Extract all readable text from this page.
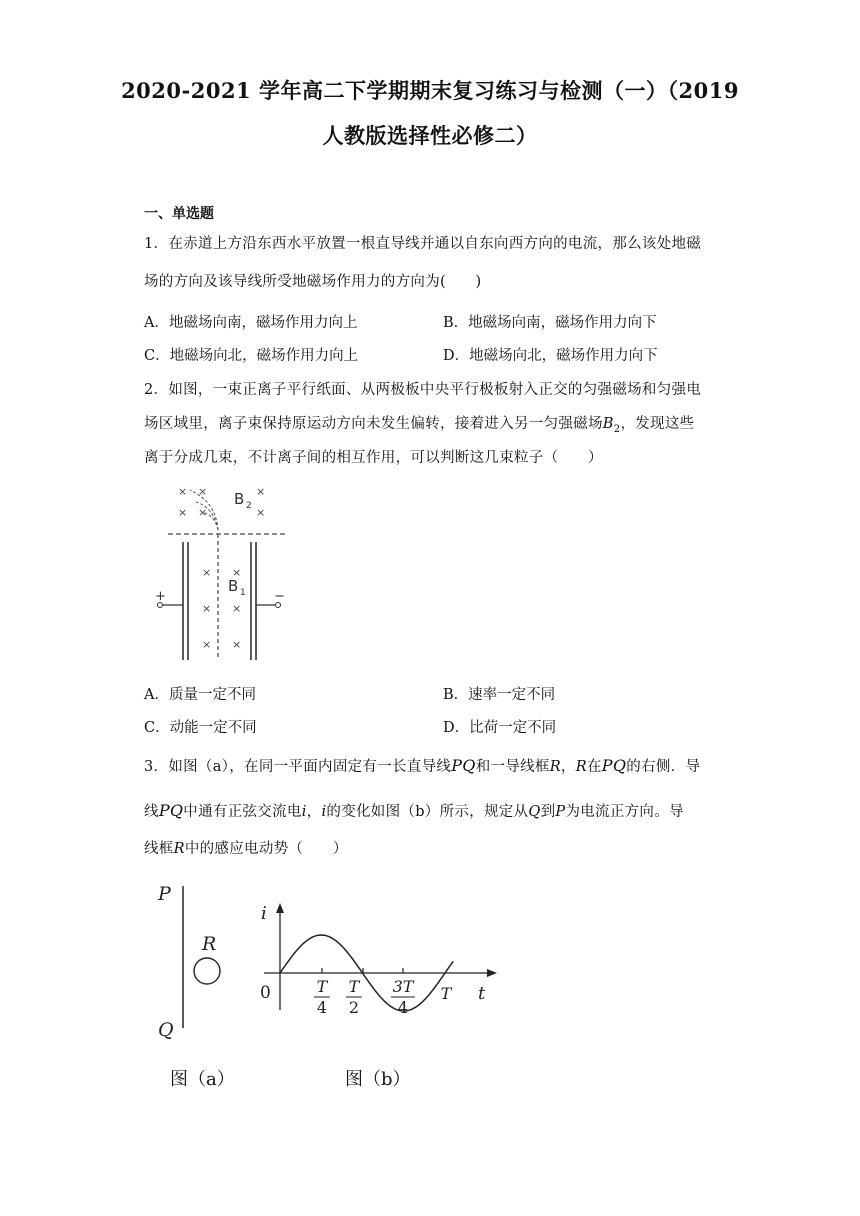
2020-2021 学年高二下学期期末复习练习与检测（一）（2019
人教版选择性必修二）
一、单选题
1．在赤道上方沿东西水平放置一根直导线并通以自东向西方向的电流，那么该处地磁
场的方向及该导线所受地磁场作用力的方向为(　　)
A．地磁场向南，磁场作用力向上	B．地磁场向南，磁场作用力向下
C．地磁场向北，磁场作用力向上	D．地磁场向北，磁场作用力向下
2．如图，一束正离子平行纸面、从两极板中央平行极板射入正交的匀强磁场和匀强电
场区域里，离子束保持原运动方向未发生偏转，接着进入另一匀强磁场$B_2$，发现这些
离于分成几束，不计离子间的相互作用，可以判断这几束粒子（　　）
× ×	×
× ×	×
× ×
× ×
× ×
B 2
B 1
+	−
A．质量一定不同	B．速率一定不同
C．动能一定不同	D．比荷一定不同
3．如图（a），在同一平面内固定有一长直导线PQ和一导线框R，R在PQ的右侧．导
线PQ中通有正弦交流电i，i的变化如图（b）所示，规定从Q到P为电流正方向。导
线框R中的感应电动势（　　）
P
R
Q
i
t
0	T
4
T
2
3T
4
T
图（a）	图（b）
